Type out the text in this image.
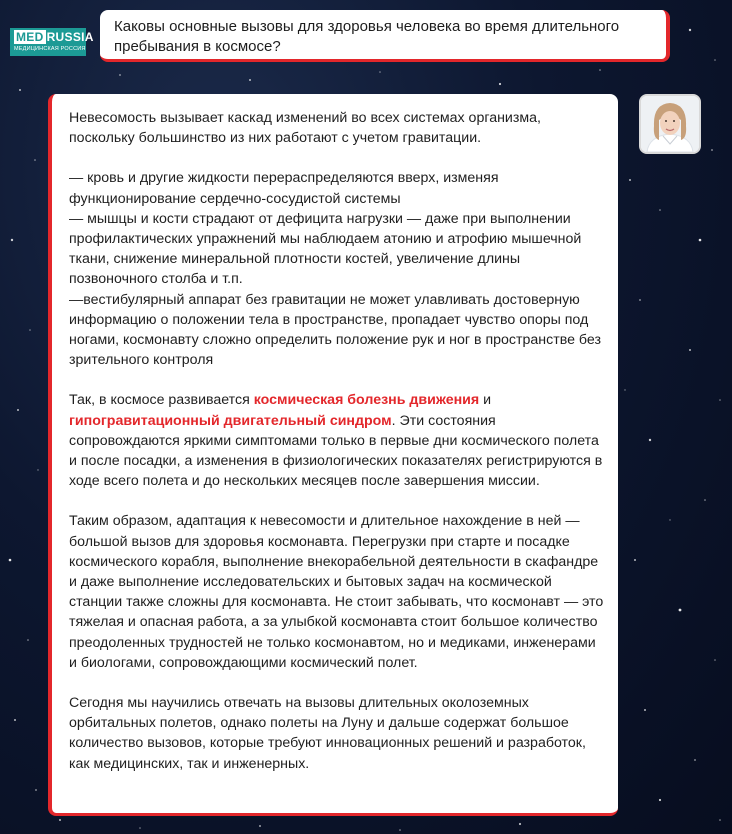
MED RUSSIA
МЕДИЦИНСКАЯ РОССИЯ
Каковы основные вызовы для здоровья человека во время длительного пребывания в космосе?

Невесомость вызывает каскад изменений во всех системах организма, поскольку большинство из них работают с учетом гравитации.

— кровь и другие жидкости перераспределяются вверх, изменяя функционирование сердечно-сосудистой системы
— мышцы и кости страдают от дефицита нагрузки — даже при выполнении профилактических упражнений мы наблюдаем атонию и атрофию мышечной ткани, снижение минеральной плотности костей, увеличение длины позвоночного столба и т.п.
—вестибулярный аппарат без гравитации не может улавливать достоверную информацию о положении тела в пространстве, пропадает чувство опоры под ногами, космонавту сложно определить положение рук и ног в пространстве без зрительного контроля

Так, в космосе развивается космическая болезнь движения и гипогравитационный двигательный синдром. Эти состояния сопровождаются яркими симптомами только в первые дни космического полета и после посадки, а изменения в физиологических показателях регистрируются в ходе всего полета и до нескольких месяцев после завершения миссии.

Таким образом, адаптация к невесомости и длительное нахождение в ней — большой вызов для здоровья космонавта. Перегрузки при старте и посадке космического корабля, выполнение внекорабельной деятельности в скафандре и даже выполнение исследовательских и бытовых задач на космической станции также сложны для космонавта. Не стоит забывать, что космонавт — это тяжелая и опасная работа, а за улыбкой космонавта стоит большое количество преодоленных трудностей не только космонавтом, но и медиками, инженерами и биологами, сопровождающими космический полет.

Сегодня мы научились отвечать на вызовы длительных околоземных орбитальных полетов, однако полеты на Луну и дальше содержат большое количество вызовов, которые требуют инновационных решений и разработок, как медицинских, так и инженерных.
